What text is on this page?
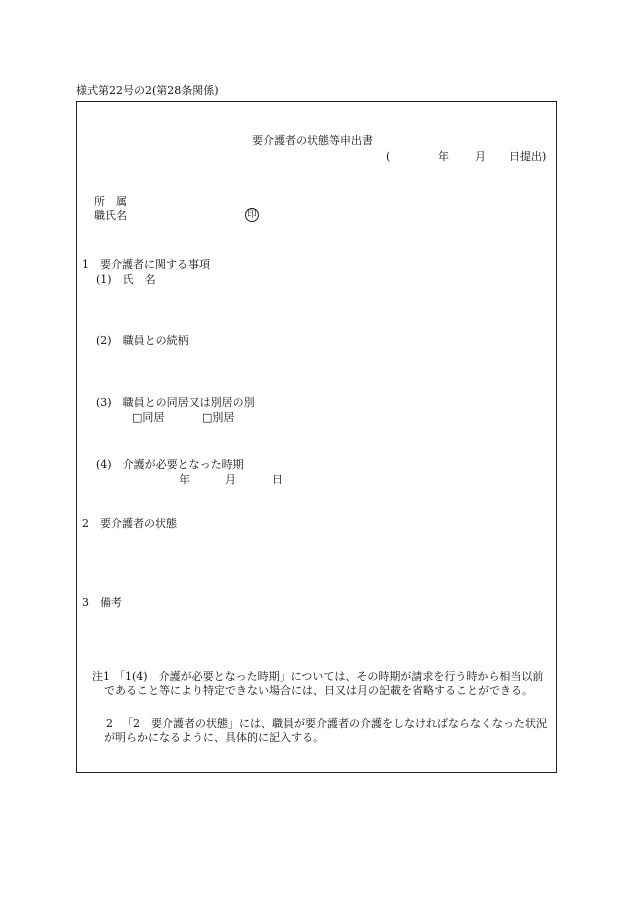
様式第22号の2(第28条関係)
要介護者の状態等申出書
(	年 月 日提出)
所　属
職氏名	印
1　要介護者に関する事項
(1)　氏　名
(2)　職員との続柄
(3)　職員との同居又は別居の別
□同居	□別居
(4)　介護が必要となった時期
年	月	日
2　要介護者の状態
3　備考
注1 「1(4)　介護が必要となった時期」については、その時期が請求を行う時から相当以前であること等により特定できない場合には、日又は月の記載を省略することができる。
2 「2　要介護者の状態」には、職員が要介護者の介護をしなければならなくなった状況が明らかになるように、具体的に記入する。
